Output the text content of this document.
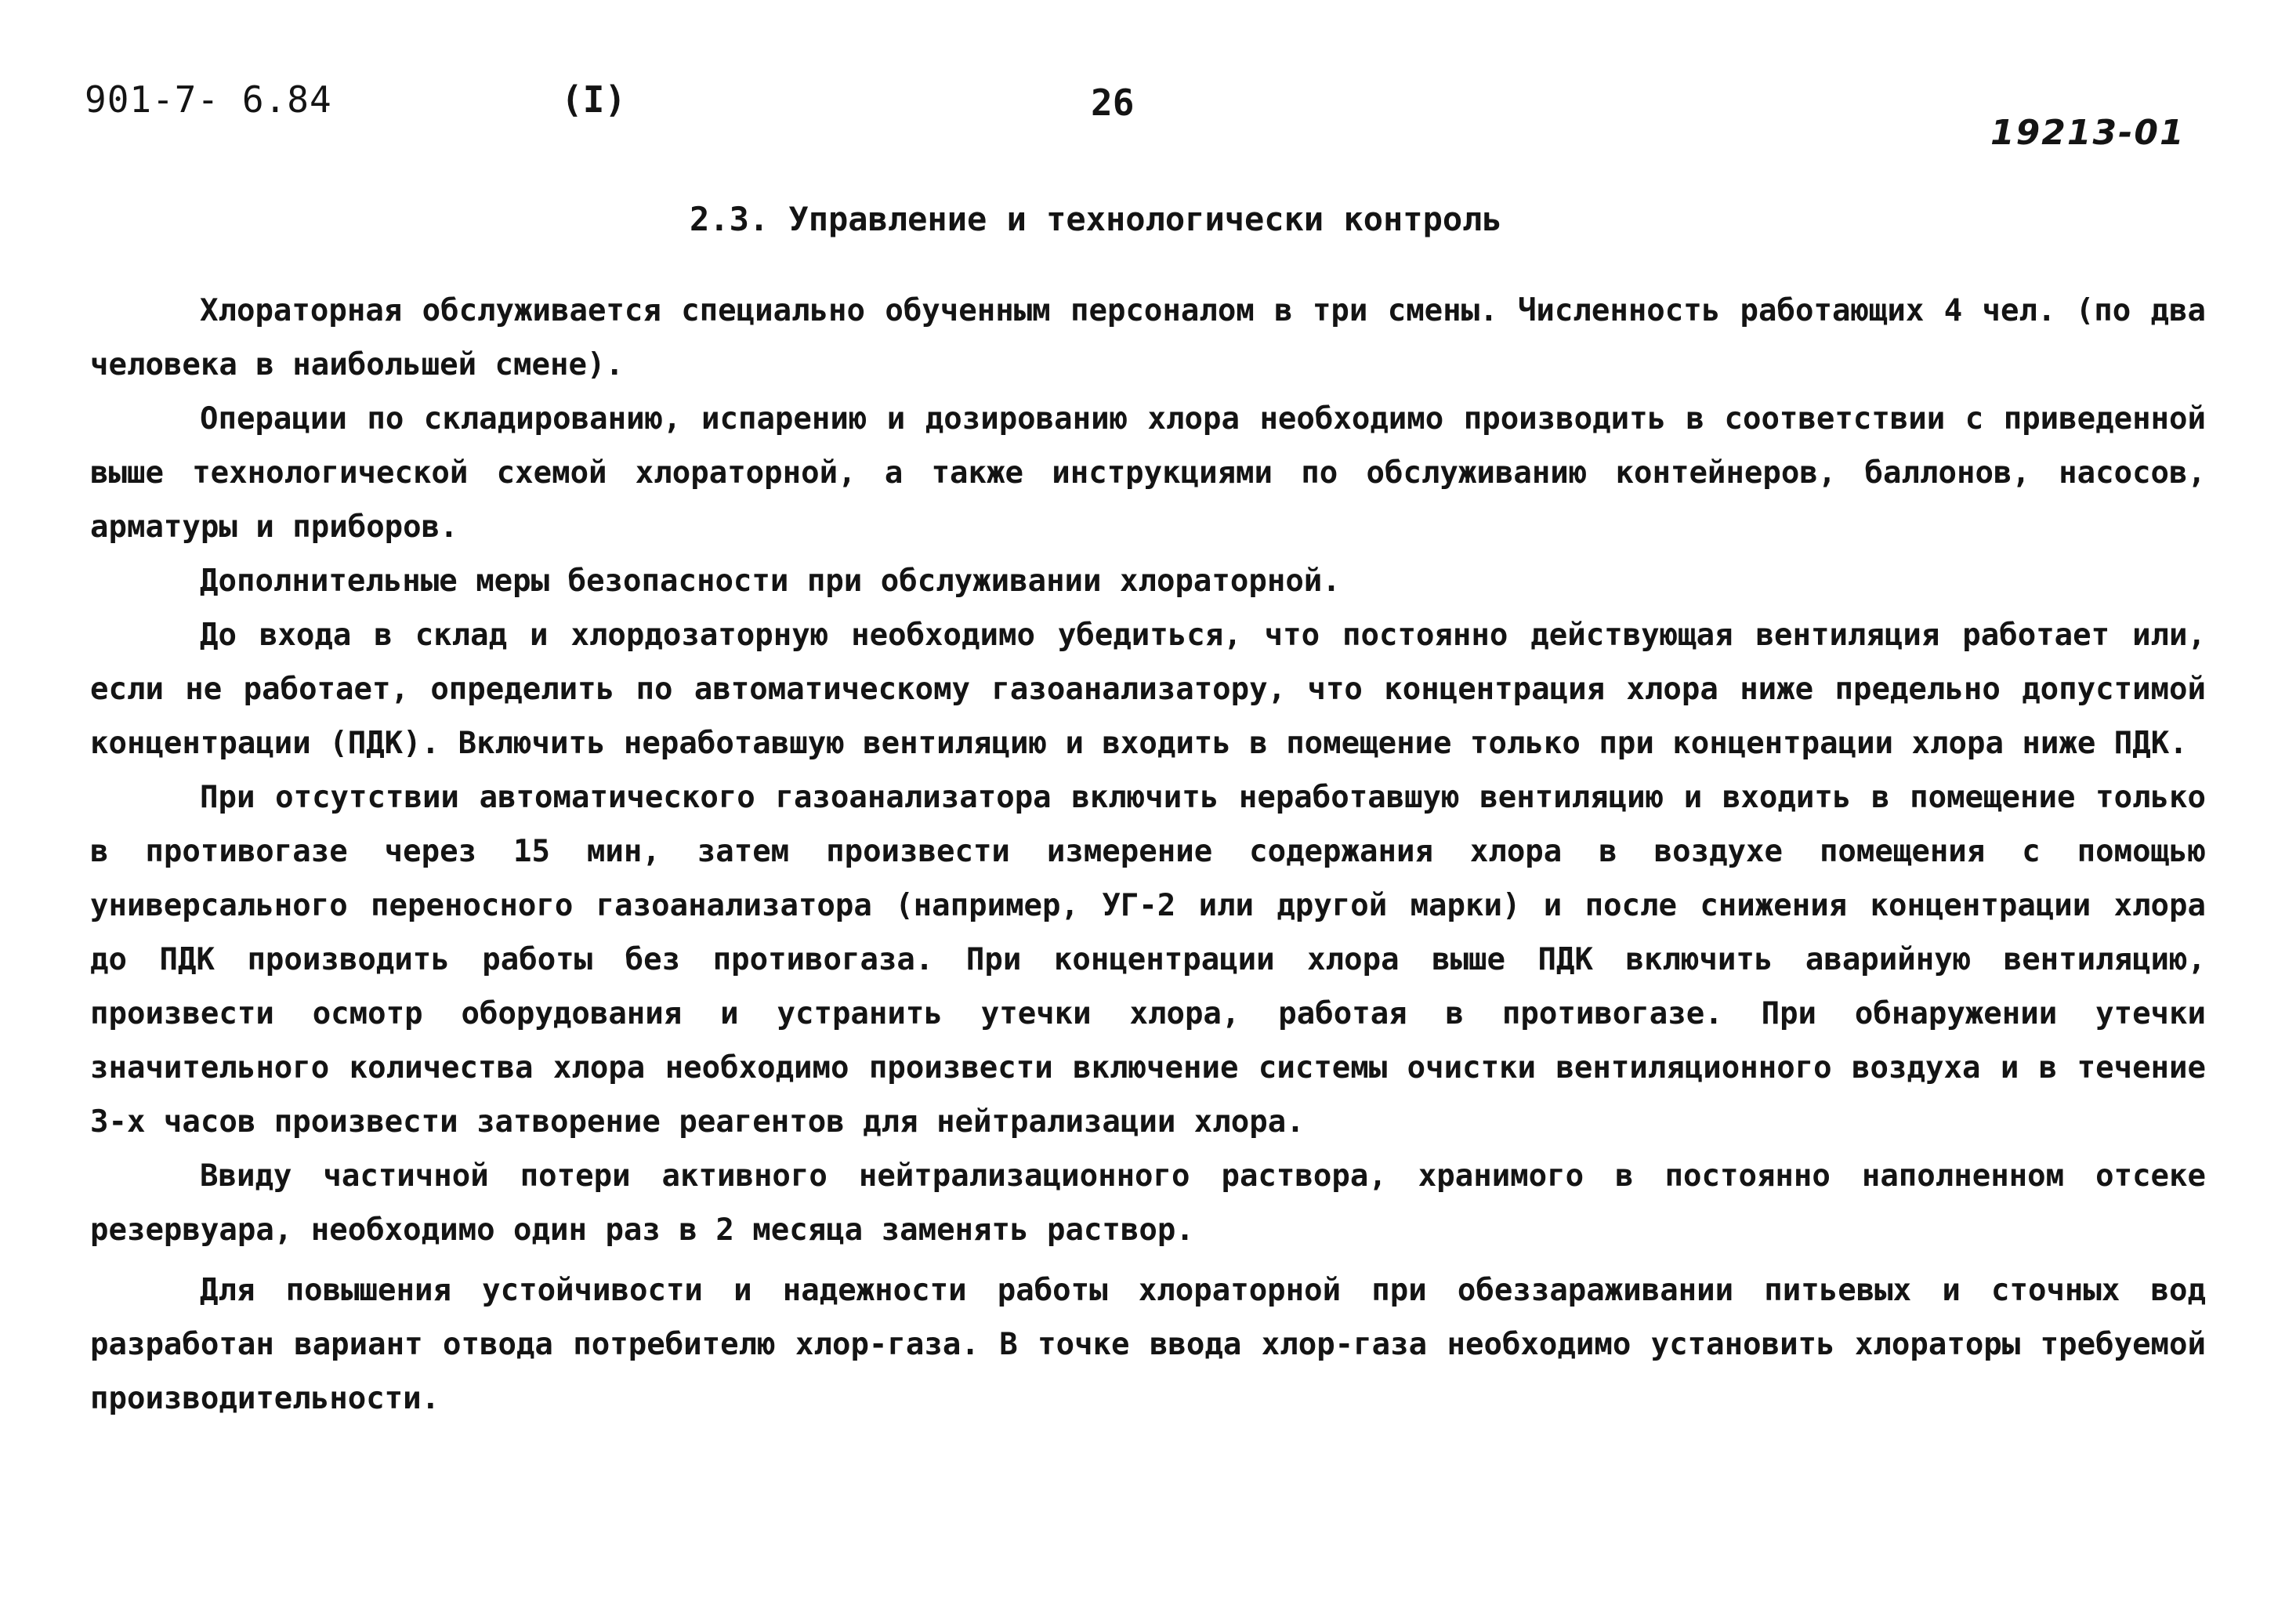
901-7- 6.84	(I)	26
19213-01
2.3. Управление и технологически контроль

Хлораторная обслуживается специально обученным персоналом в три смены. Численность работающих 4 чел. (по два человека в наибольшей смене).

Операции по складированию, испарению и дозированию хлора необходимо производить в соответствии с приведенной выше технологической схемой хлораторной, а также инструкциями по обслуживанию контейнеров, баллонов, насосов, арматуры и приборов.

Дополнительные меры безопасности при обслуживании хлораторной.

До входа в склад и хлордозаторную необходимо убедиться, что постоянно действующая вентиляция работает или, если не работает, определить по автоматическому газоанализатору, что концентрация хлора ниже предельно допустимой концентрации (ПДК). Включить неработавшую вентиляцию и входить в помещение только при концентрации хлора ниже ПДК.

При отсутствии автоматического газоанализатора включить неработавшую вентиляцию и входить в помещение только в противогазе через 15 мин, затем произвести измерение содержания хлора в воздухе помещения с помощью универсального переносного газоанализатора (например, УГ-2 или другой марки) и после снижения концентрации хлора до ПДК производить работы без противогаза. При концентрации хлора выше ПДК включить аварийную вентиляцию, произвести осмотр оборудования и устранить утечки хлора, работая в противогазе. При обнаружении утечки значительного количества хлора необходимо произвести включение системы очистки вентиляционного воздуха и в течение 3-х часов произвести затворение реагентов для нейтрализации хлора.

Ввиду частичной потери активного нейтрализационного раствора, хранимого в постоянно наполненном отсеке резервуара, необходимо один раз в 2 месяца заменять раствор.

Для повышения устойчивости и надежности работы хлораторной при обеззараживании питьевых и сточных вод разработан вариант отвода потребителю хлор-газа. В точке ввода хлор-газа необходимо установить хлораторы требуемой производительности.
